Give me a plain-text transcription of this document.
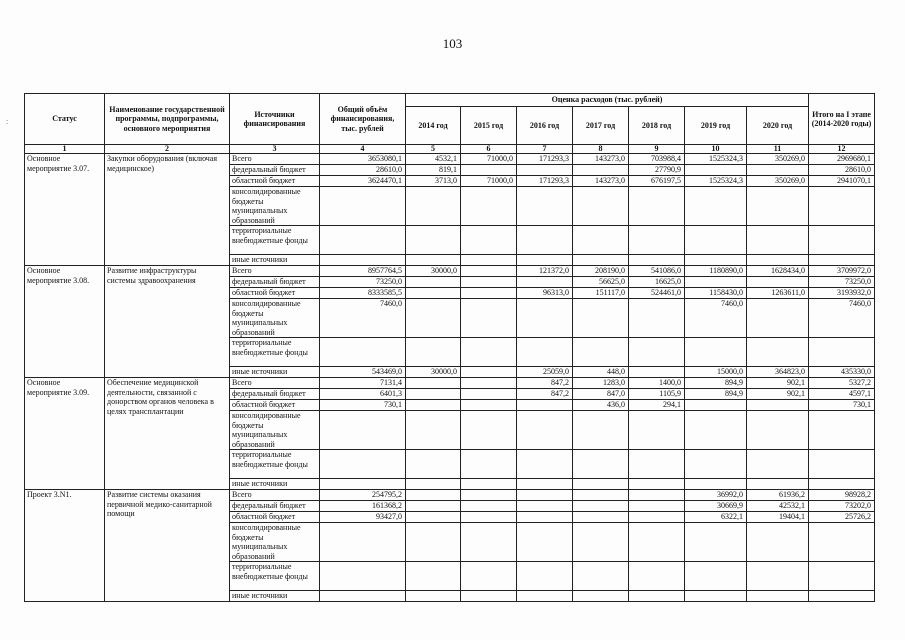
103
Статус	Наименование государственной программы, подпрограммы, основного мероприятия	Источники финансирования	Общий объём финансирования, тыс. рублей	Оценка расходов (тыс. рублей)							Итого на I этапе (2014-2020 годы)
				2014 год	2015 год	2016 год	2017 год	2018 год	2019 год	2020 год	
1	2	3	4	5	6	7	8	9	10	11	12
Основное мероприятие 3.07.	Закупки оборудования (включая медицинское)	Всего	3653080,1	4532,1	71000,0	171293,3	143273,0	703988,4	1525324,3	350269,0	2969680,1
		федеральный бюджет	28610,0	819,1				27790,9			28610,0
		областной бюджет	3624470,1	3713,0	71000,0	171293,3	143273,0	676197,5	1525324,3	350269,0	2941070,1
		консолидированные бюджеты муниципальных образований									
		территориальные внебюджетные фонды									
		иные источники									
Основное мероприятие 3.08.	Развитие инфраструктуры системы здравоохранения	Всего	8957764,5	30000,0		121372,0	208190,0	541086,0	1180890,0	1628434,0	3709972,0
		федеральный бюджет	73250,0				56625,0	16625,0			73250,0
		областной бюджет	8333585,5			96313,0	151117,0	524461,0	1158430,0	1263611,0	3193932,0
		консолидированные бюджеты муниципальных образований	7460,0						7460,0		7460,0
		территориальные внебюджетные фонды									
		иные источники	543469,0	30000,0		25059,0	448,0		15000,0	364823,0	435330,0
Основное мероприятие 3.09.	Обеспечение медицинской деятельности, связанной с донорством органов человека в целях трансплантации	Всего	7131,4			847,2	1283,0	1400,0	894,9	902,1	5327,2
		федеральный бюджет	6401,3			847,2	847,0	1105,9	894,9	902,1	4597,1
		областной бюджет	730,1				436,0	294,1			730,1
		консолидированные бюджеты муниципальных образований									
		территориальные внебюджетные фонды									
		иные источники									
Проект 3.N1.	Развитие системы оказания первичной медико-санитарной помощи	Всего	254795,2						36992,0	61936,2	98928,2
		федеральный бюджет	161368,2						30669,9	42532,1	73202,0
		областной бюджет	93427,0						6322,1	19404,1	25726,2
		консолидированные бюджеты муниципальных образований									
		территориальные внебюджетные фонды									
		иные источники									
:
